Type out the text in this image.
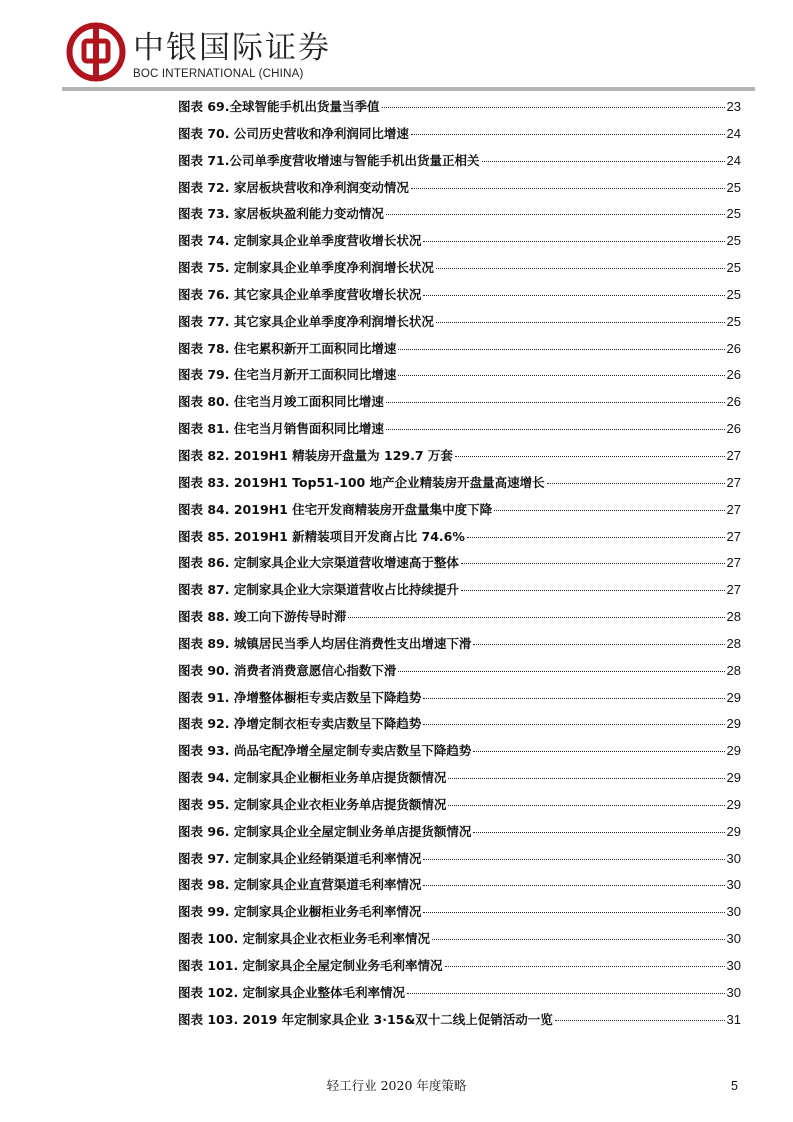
中银国际证券
BOC INTERNATIONAL (CHINA)
图表 69.全球智能手机出货量当季值	23
图表 70. 公司历史营收和净利润同比增速	24
图表 71.公司单季度营收增速与智能手机出货量正相关	24
图表 72. 家居板块营收和净利润变动情况	25
图表 73. 家居板块盈利能力变动情况	25
图表 74. 定制家具企业单季度营收增长状况	25
图表 75. 定制家具企业单季度净利润增长状况	25
图表 76. 其它家具企业单季度营收增长状况	25
图表 77. 其它家具企业单季度净利润增长状况	25
图表 78. 住宅累积新开工面积同比增速	26
图表 79. 住宅当月新开工面积同比增速	26
图表 80. 住宅当月竣工面积同比增速	26
图表 81. 住宅当月销售面积同比增速	26
图表 82. 2019H1 精装房开盘量为 129.7 万套	27
图表 83. 2019H1 Top51-100 地产企业精装房开盘量高速增长	27
图表 84. 2019H1 住宅开发商精装房开盘量集中度下降	27
图表 85. 2019H1 新精装项目开发商占比 74.6%	27
图表 86. 定制家具企业大宗渠道营收增速高于整体	27
图表 87. 定制家具企业大宗渠道营收占比持续提升	27
图表 88. 竣工向下游传导时滞	28
图表 89. 城镇居民当季人均居住消费性支出增速下滑	28
图表 90. 消费者消费意愿信心指数下滑	28
图表 91. 净增整体橱柜专卖店数呈下降趋势	29
图表 92. 净增定制衣柜专卖店数呈下降趋势	29
图表 93. 尚品宅配净增全屋定制专卖店数呈下降趋势	29
图表 94. 定制家具企业橱柜业务单店提货额情况	29
图表 95. 定制家具企业衣柜业务单店提货额情况	29
图表 96. 定制家具企业全屋定制业务单店提货额情况	29
图表 97. 定制家具企业经销渠道毛利率情况	30
图表 98. 定制家具企业直营渠道毛利率情况	30
图表 99. 定制家具企业橱柜业务毛利率情况	30
图表 100. 定制家具企业衣柜业务毛利率情况	30
图表 101. 定制家具企全屋定制业务毛利率情况	30
图表 102. 定制家具企业整体毛利率情况	30
图表 103. 2019 年定制家具企业 3·15&双十二线上促销活动一览	31
轻工行业 2020 年度策略	5
